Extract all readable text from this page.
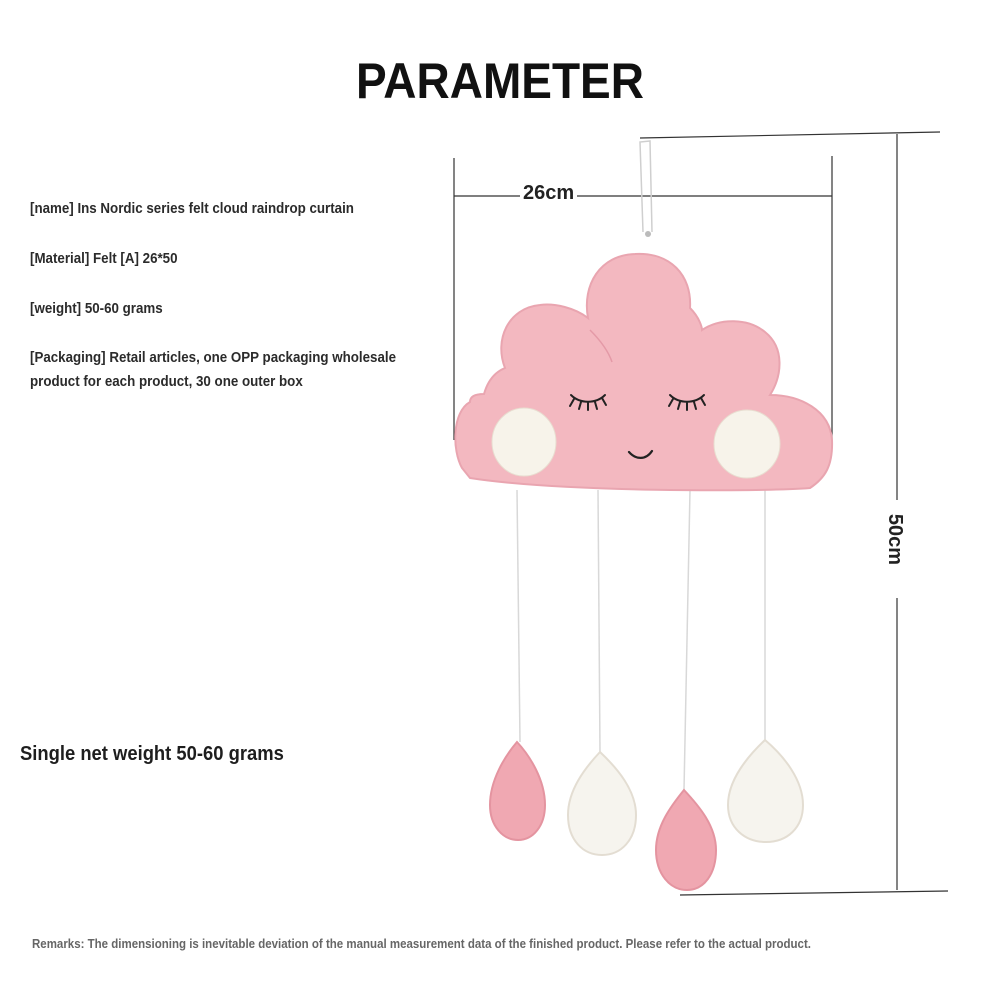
PARAMETER
[name] Ins Nordic series felt cloud raindrop curtain
[Material] Felt [A] 26*50
[weight] 50-60 grams
[Packaging] Retail articles, one OPP packaging wholesale product for each product, 30 one outer box
Single net weight 50-60 grams
26cm
50cm
Remarks: The dimensioning is inevitable deviation of the manual measurement data of the finished product. Please refer to the actual product.
